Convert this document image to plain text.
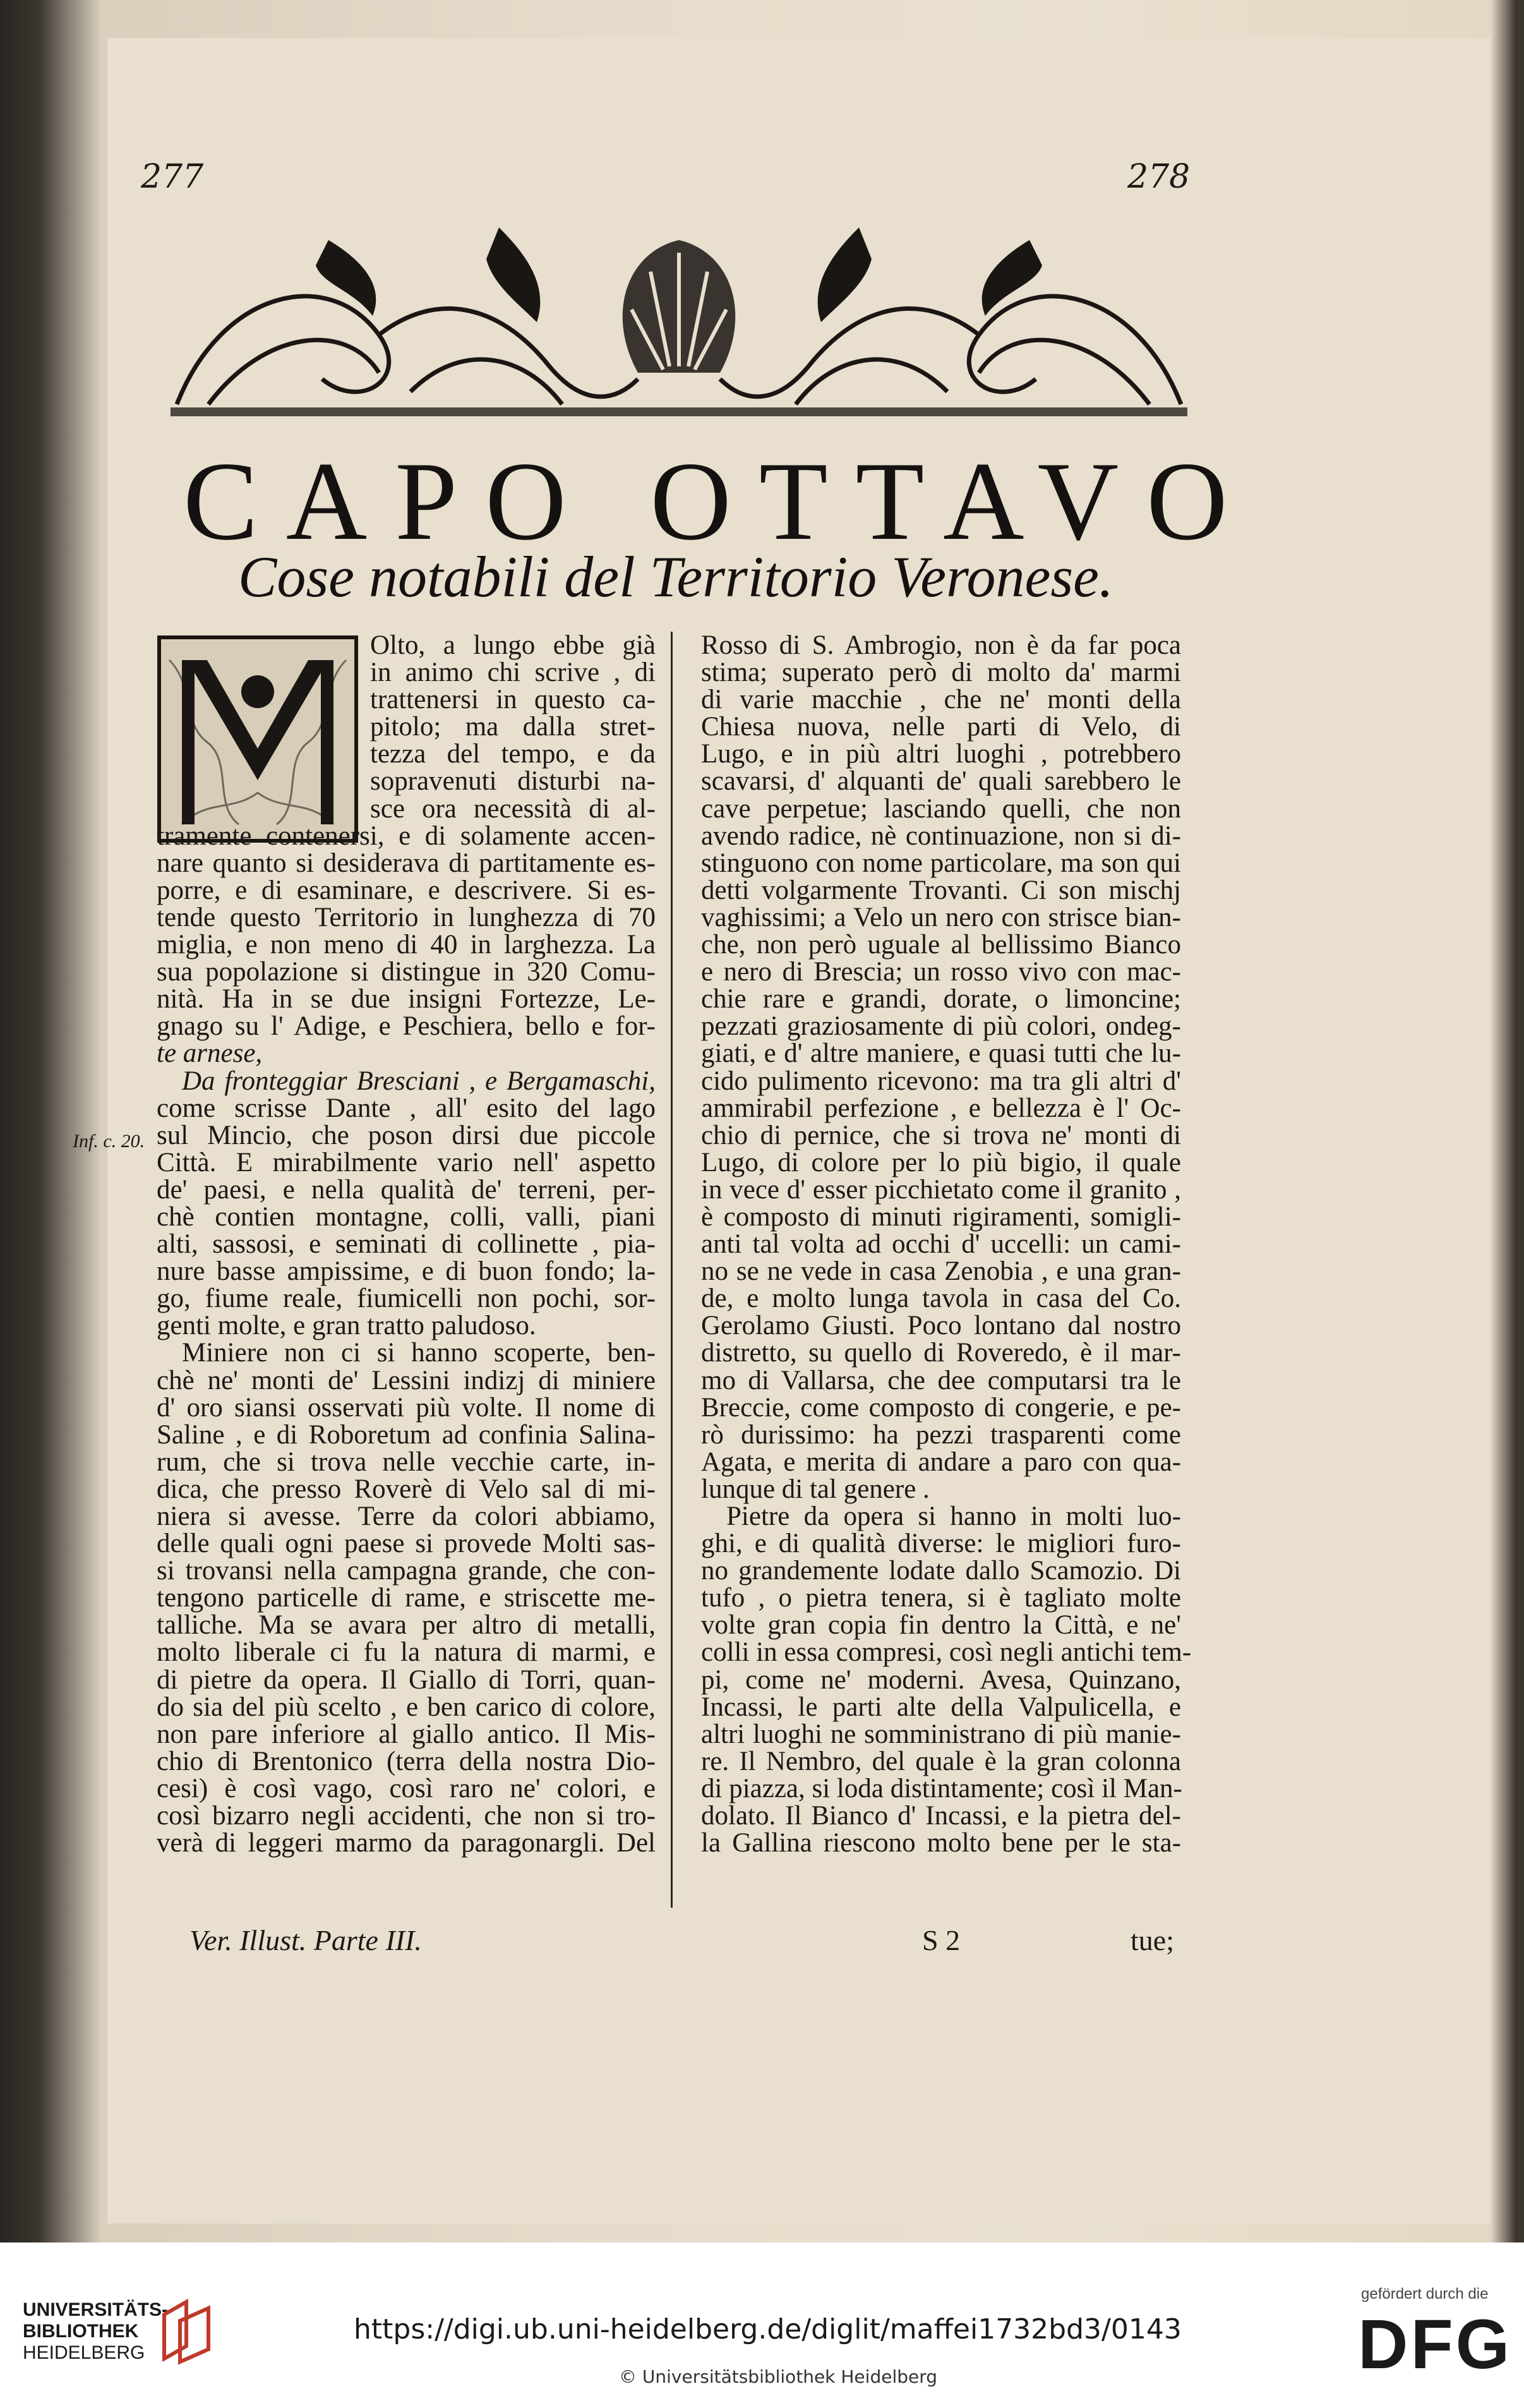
277	278
CAPO OTTAVO
Cose notabili del Territorio Veronese.
Olto, a lungo ebbe già
in animo chi scrive , di
trattenersi in questo ca-
pitolo; ma dalla stret-
tezza del tempo, e da
sopravenuti disturbi na-
sce ora necessità di al-
tramente contenersi, e di solamente accen-
nare quanto si desiderava di partitamente es-
porre, e di esaminare, e descrivere. Si es-
tende questo Territorio in lunghezza di 70
miglia, e non meno di 40 in larghezza. La
sua popolazione si distingue in 320 Comu-
nità. Ha in se due insigni Fortezze, Le-
gnago su l' Adige, e Peschiera, bello e for-
te arnese,
Da fronteggiar Bresciani , e Bergamaschi,
come scrisse Dante , all' esito del lago
sul Mincio, che poson dirsi due piccole
Città. E mirabilmente vario nell' aspetto
de' paesi, e nella qualità de' terreni, per-
chè contien montagne, colli, valli, piani
alti, sassosi, e seminati di collinette , pia-
nure basse ampissime, e di buon fondo; la-
go, fiume reale, fiumicelli non pochi, sor-
genti molte, e gran tratto paludoso.
Miniere non ci si hanno scoperte, ben-
chè ne' monti de' Lessini indizj di miniere
d' oro siansi osservati più volte. Il nome di
Saline , e di Roboretum ad confinia Salina-
rum, che si trova nelle vecchie carte, in-
dica, che presso Roverè di Velo sal di mi-
niera si avesse. Terre da colori abbiamo,
delle quali ogni paese si provede Molti sas-
si trovansi nella campagna grande, che con-
tengono particelle di rame, e striscette me-
talliche. Ma se avara per altro di metalli,
molto liberale ci fu la natura di marmi, e
di pietre da opera. Il Giallo di Torri, quan-
do sia del più scelto , e ben carico di colore,
non pare inferiore al giallo antico. Il Mis-
chio di Brentonico (terra della nostra Dio-
cesi) è così vago, così raro ne' colori, e
così bizarro negli accidenti, che non si tro-
verà di leggeri marmo da paragonargli. Del
Rosso di S. Ambrogio, non è da far poca
stima; superato però di molto da' marmi
di varie macchie , che ne' monti della
Chiesa nuova, nelle parti di Velo, di
Lugo, e in più altri luoghi , potrebbero
scavarsi, d' alquanti de' quali sarebbero le
cave perpetue; lasciando quelli, che non
avendo radice, nè continuazione, non si di-
stinguono con nome particolare, ma son qui
detti volgarmente Trovanti. Ci son mischj
vaghissimi; a Velo un nero con strisce bian-
che, non però uguale al bellissimo Bianco
e nero di Brescia; un rosso vivo con mac-
chie rare e grandi, dorate, o limoncine;
pezzati graziosamente di più colori, ondeg-
giati, e d' altre maniere, e quasi tutti che lu-
cido pulimento ricevono: ma tra gli altri d'
ammirabil perfezione , e bellezza è l' Oc-
chio di pernice, che si trova ne' monti di
Lugo, di colore per lo più bigio, il quale
in vece d' esser picchietato come il granito ,
è composto di minuti rigiramenti, somigli-
anti tal volta ad occhi d' uccelli: un cami-
no se ne vede in casa Zenobia , e una gran-
de, e molto lunga tavola in casa del Co.
Gerolamo Giusti. Poco lontano dal nostro
distretto, su quello di Roveredo, è il mar-
mo di Vallarsa, che dee computarsi tra le
Breccie, come composto di congerie, e pe-
rò durissimo: ha pezzi trasparenti come
Agata, e merita di andare a paro con qua-
lunque di tal genere .
Pietre da opera si hanno in molti luo-
ghi, e di qualità diverse: le migliori furo-
no grandemente lodate dallo Scamozio. Di
tufo , o pietra tenera, si è tagliato molte
volte gran copia fin dentro la Città, e ne'
colli in essa compresi, così negli antichi tem-
pi, come ne' moderni. Avesa, Quinzano,
Incassi, le parti alte della Valpulicella, e
altri luoghi ne somministrano di più manie-
re. Il Nembro, del quale è la gran colonna
di piazza, si loda distintamente; così il Man-
dolato. Il Bianco d' Incassi, e la pietra del-
la Gallina riescono molto bene per le sta-
Inf. c. 20.
Ver. Illust. Parte III.	S 2	tue;
UNIVERSITÄTS-
BIBLIOTHEK
HEIDELBERG
https://digi.ub.uni-heidelberg.de/diglit/maffei1732bd3/0143
© Universitätsbibliothek Heidelberg
gefördert durch die
DFG
